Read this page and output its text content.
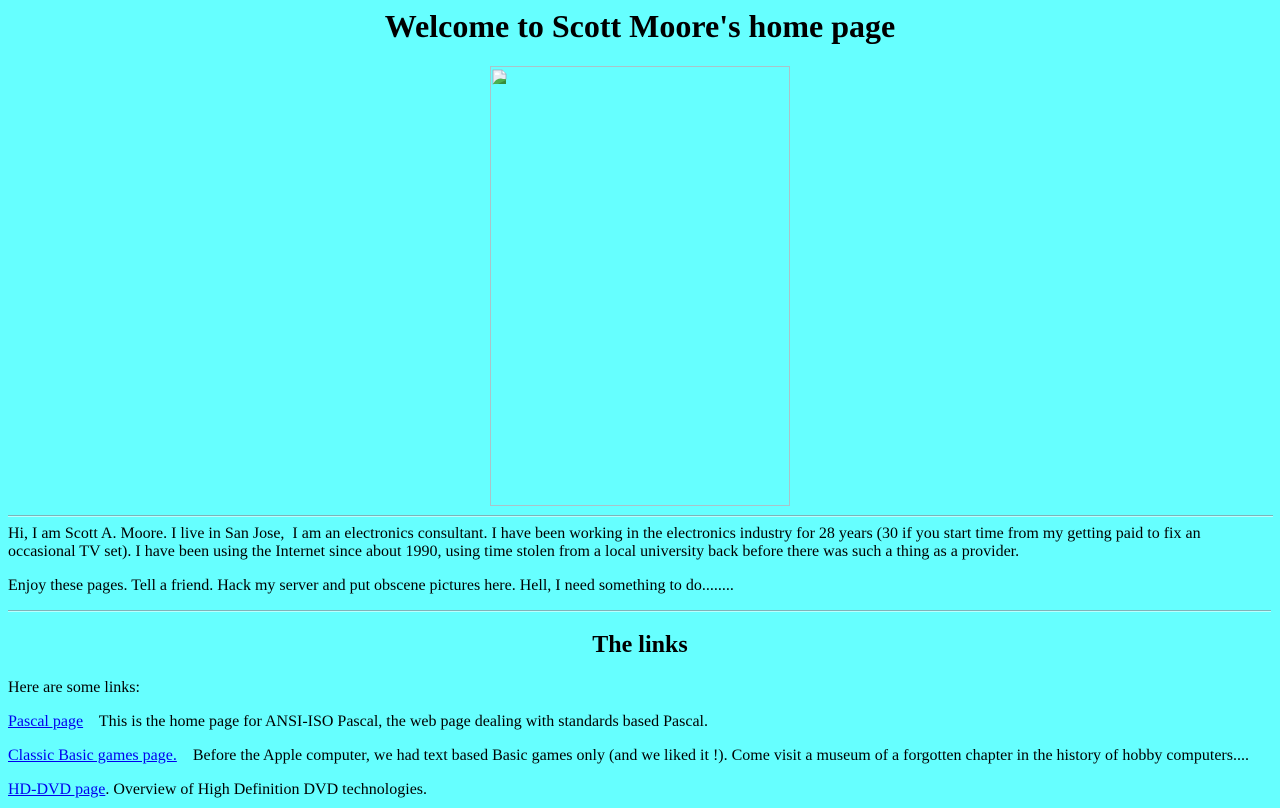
Welcome to Scott Moore's home page

Hi, I am Scott A. Moore. I live in San Jose,  I am an electronics consultant. I have been working in the electronics industry for 28 years (30 if you start time from my getting paid to fix an occasional TV set). I have been using the Internet since about 1990, using time stolen from a local university back before there was such a thing as a provider.

Enjoy these pages. Tell a friend. Hack my server and put obscene pictures here. Hell, I need something to do........

The links

Here are some links:

Pascal page This is the home page for ANSI-ISO Pascal, the web page dealing with standards based Pascal.

Classic Basic games page. Before the Apple computer, we had text based Basic games only (and we liked it !). Come visit a museum of a forgotten chapter in the history of hobby computers....

HD-DVD page. Overview of High Definition DVD technologies.
